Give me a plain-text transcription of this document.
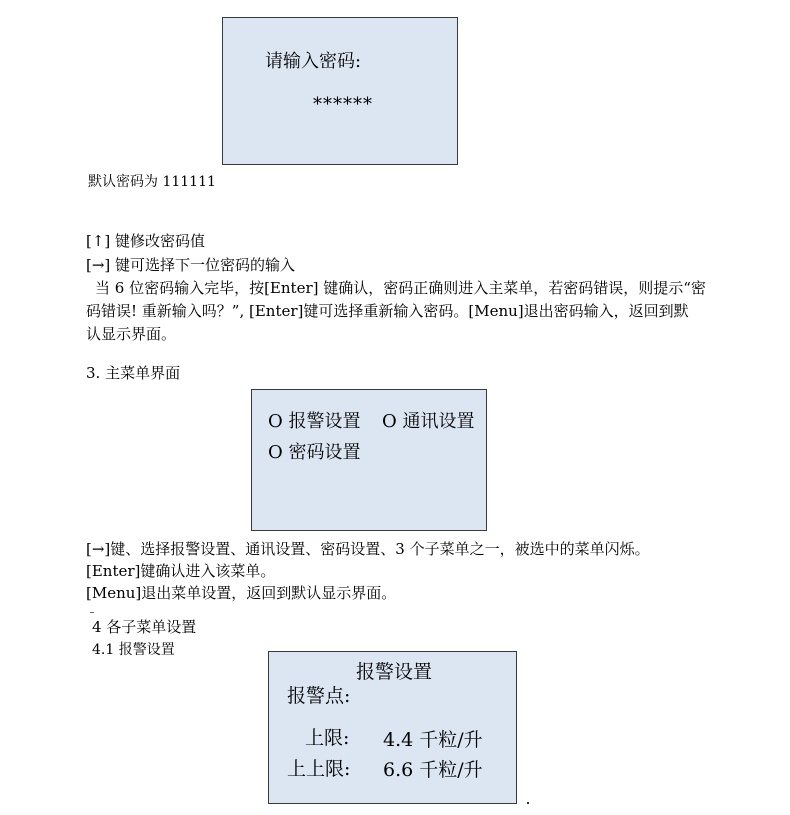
请输入密码:
******
默认密码为 111111
[↑] 键修改密码值
[→] 键可选择下一位密码的输入
当 6 位密码输入完毕，按[Enter] 键确认，密码正确则进入主菜单，若密码错误，则提示“密
码错误! 重新输入吗？”, [Enter]键可选择重新输入密码。[Menu]退出密码输入，返回到默
认显示界面。
3. 主菜单界面
O 报警设置 O 通讯设置
O 密码设置
[→]键、选择报警设置、通讯设置、密码设置、3 个子菜单之一，被选中的菜单闪烁。
[Enter]键确认进入该菜单。
[Menu]退出菜单设置，返回到默认显示界面。
4 各子菜单设置
4.1 报警设置
报警设置
报警点:
上限: 4.4 千粒/升
上上限: 6.6 千粒/升
